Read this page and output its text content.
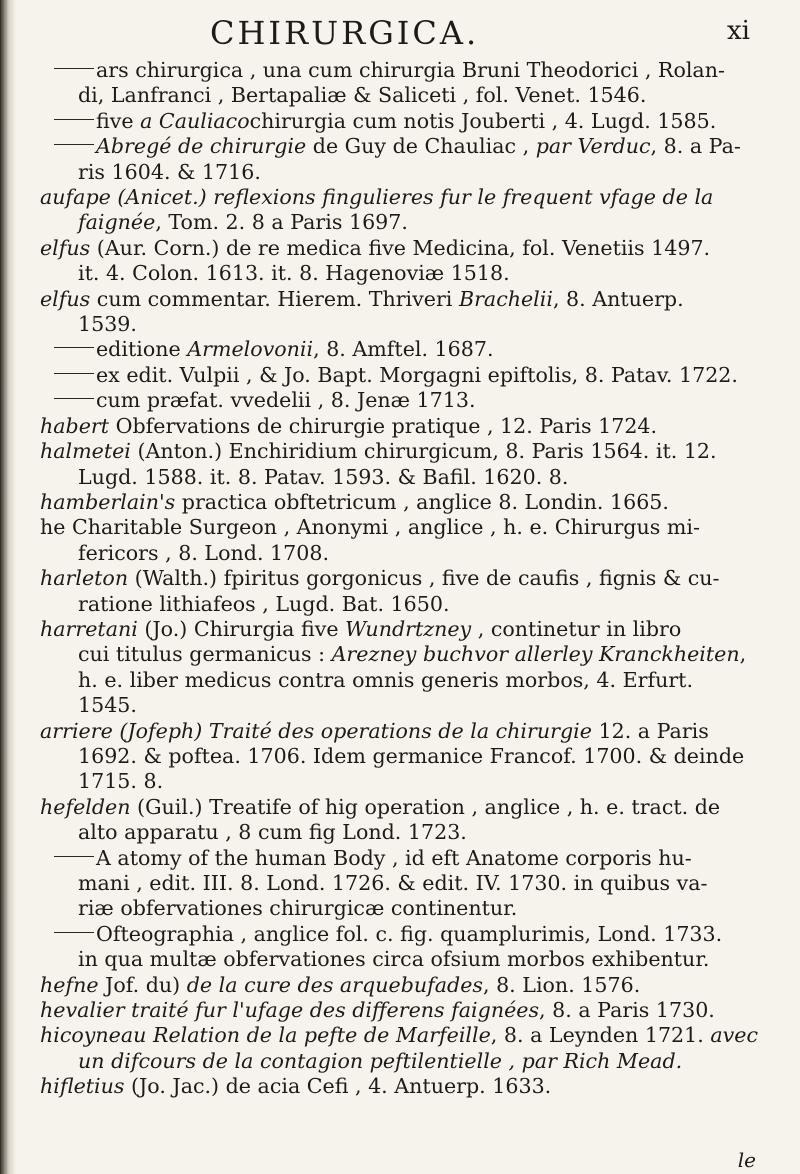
CHIRURGICA.	xi
ars chirurgica , una cum chirurgia Bruni Theodorici , Rolan-
di, Lanfranci , Bertapaliæ & Saliceti , fol. Venet. 1546.
five a Cauliacochirurgia cum notis Jouberti , 4. Lugd. 1585.
Abregé de chirurgie de Guy de Chauliac , par Verduc, 8. a Pa-
ris 1604. & 1716.
aufape (Anicet.) reflexions fingulieres fur le frequent vfage de la
faignée, Tom. 2. 8 a Paris 1697.
elfus (Aur. Corn.) de re medica five Medicina, fol. Venetiis 1497.
it. 4. Colon. 1613. it. 8. Hagenoviæ 1518.
elfus cum commentar. Hierem. Thriveri Brachelii, 8. Antuerp.
1539.
editione Armelovonii, 8. Amftel. 1687.
ex edit. Vulpii , & Jo. Bapt. Morgagni epiftolis, 8. Patav. 1722.
cum præfat. vvedelii , 8. Jenæ 1713.
habert Obfervations de chirurgie pratique , 12. Paris 1724.
halmetei (Anton.) Enchiridium chirurgicum, 8. Paris 1564. it. 12.
Lugd. 1588. it. 8. Patav. 1593. & Bafil. 1620. 8.
hamberlain's practica obftetricum , anglice 8. Londin. 1665.
he Charitable Surgeon , Anonymi , anglice , h. e. Chirurgus mi-
fericors , 8. Lond. 1708.
harleton (Walth.) fpiritus gorgonicus , five de caufis , fignis & cu-
ratione lithiafeos , Lugd. Bat. 1650.
harretani (Jo.) Chirurgia five Wundrtzney , continetur in libro
cui titulus germanicus : Arezney buchvor allerley Kranckheiten,
h. e. liber medicus contra omnis generis morbos, 4. Erfurt.
1545.
arriere (Jofeph) Traité des operations de la chirurgie 12. a Paris
1692. & poftea. 1706. Idem germanice Francof. 1700. & deinde
1715. 8.
hefelden (Guil.) Treatife of hig operation , anglice , h. e. tract. de
alto apparatu , 8 cum fig Lond. 1723.
A atomy of the human Body , id eft Anatome corporis hu-
mani , edit. III. 8. Lond. 1726. & edit. IV. 1730. in quibus va-
riæ obfervationes chirurgicæ continentur.
Ofteographia , anglice fol. c. fig. quamplurimis, Lond. 1733.
in qua multæ obfervationes circa ofsium morbos exhibentur.
hefne Jof. du) de la cure des arquebufades, 8. Lion. 1576.
hevalier traité fur l'ufage des differens faignées, 8. a Paris 1730.
hicoyneau Relation de la pefte de Marfeille, 8. a Leynden 1721. avec
un difcours de la contagion peftilentielle , par Rich Mead.
hifletius (Jo. Jac.) de acia Cefi , 4. Antuerp. 1633.
le
